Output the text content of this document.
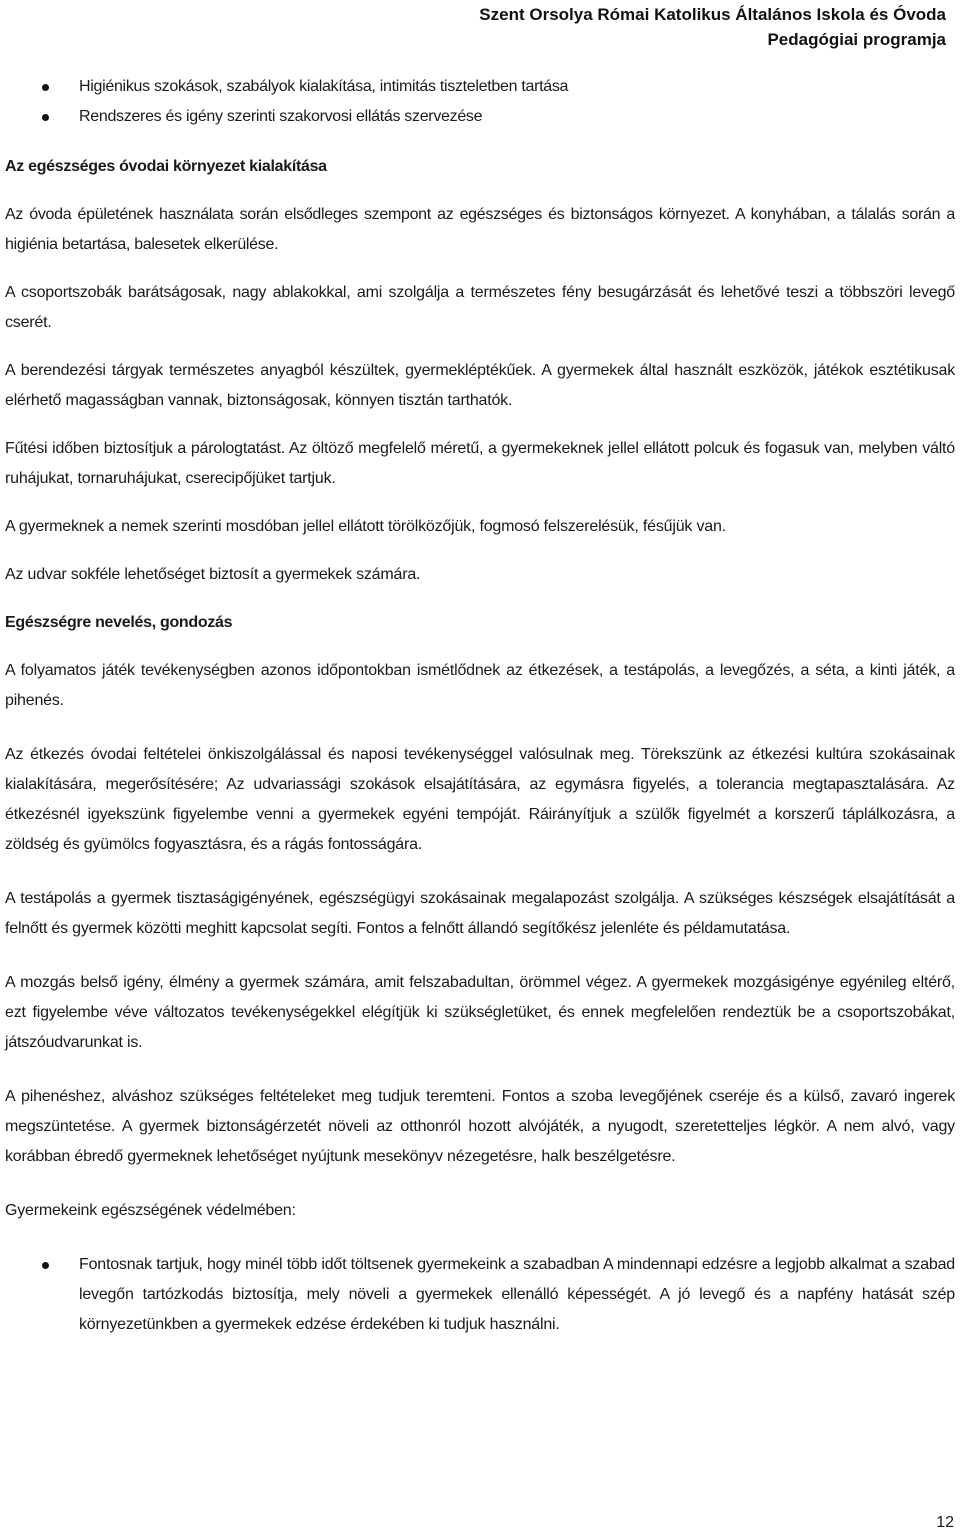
Szent Orsolya Római Katolikus Általános Iskola és Óvoda
Pedagógiai programja
Higiénikus szokások, szabályok kialakítása, intimitás tiszteletben tartása
Rendszeres és igény szerinti szakorvosi ellátás szervezése
Az egészséges óvodai környezet kialakítása

Az óvoda épületének használata során elsődleges szempont az egészséges és biztonságos környezet. A konyhában, a tálalás során a higiénia betartása, balesetek elkerülése.

A csoportszobák barátságosak, nagy ablakokkal, ami szolgálja a természetes fény besugárzását és lehetővé teszi a többszöri levegő cserét.

A berendezési tárgyak természetes anyagból készültek, gyermekléptékűek. A gyermekek által használt eszközök, játékok esztétikusak elérhető magasságban vannak, biztonságosak, könnyen tisztán tarthatók.

Fűtési időben biztosítjuk a párologtatást. Az öltöző megfelelő méretű, a gyermekeknek jellel ellátott polcuk és fogasuk van, melyben váltó ruhájukat, tornaruhájukat, cserecipőjüket tartjuk.

A gyermeknek a nemek szerinti mosdóban jellel ellátott törölközőjük, fogmosó felszerelésük, fésűjük van.

Az udvar sokféle lehetőséget biztosít a gyermekek számára.

Egészségre nevelés, gondozás

A folyamatos játék tevékenységben azonos időpontokban ismétlődnek az étkezések, a testápolás, a levegőzés, a séta, a kinti játék, a pihenés.

Az étkezés óvodai feltételei önkiszolgálással és naposi tevékenységgel valósulnak meg. Törekszünk az étkezési kultúra szokásainak kialakítására, megerősítésére; Az udvariassági szokások elsajátítására, az egymásra figyelés, a tolerancia megtapasztalására. Az étkezésnél igyekszünk figyelembe venni a gyermekek egyéni tempóját. Ráirányítjuk a szülők figyelmét a korszerű táplálkozásra, a zöldség és gyümölcs fogyasztásra, és a rágás fontosságára.

A testápolás a gyermek tisztaságigényének, egészségügyi szokásainak megalapozást szolgálja. A szükséges készségek elsajátítását a felnőtt és gyermek közötti meghitt kapcsolat segíti. Fontos a felnőtt állandó segítőkész jelenléte és példamutatása.

A mozgás belső igény, élmény a gyermek számára, amit felszabadultan, örömmel végez. A gyermekek mozgásigénye egyénileg eltérő, ezt figyelembe véve változatos tevékenységekkel elégítjük ki szükségletüket, és ennek megfelelően rendeztük be a csoportszobákat, játszóudvarunkat is.

A pihenéshez, alváshoz szükséges feltételeket meg tudjuk teremteni. Fontos a szoba levegőjének cseréje és a külső, zavaró ingerek megszüntetése. A gyermek biztonságérzetét növeli az otthonról hozott alvójáték, a nyugodt, szeretetteljes légkör. A nem alvó, vagy korábban ébredő gyermeknek lehetőséget nyújtunk mesekönyv nézegetésre, halk beszélgetésre.

Gyermekeink egészségének védelmében:

Fontosnak tartjuk, hogy minél több időt töltsenek gyermekeink a szabadban A mindennapi edzésre a legjobb alkalmat a szabad levegőn tartózkodás biztosítja, mely növeli a gyermekek ellenálló képességét. A jó levegő és a napfény hatását szép környezetünkben a gyermekek edzése érdekében ki tudjuk használni.
12
